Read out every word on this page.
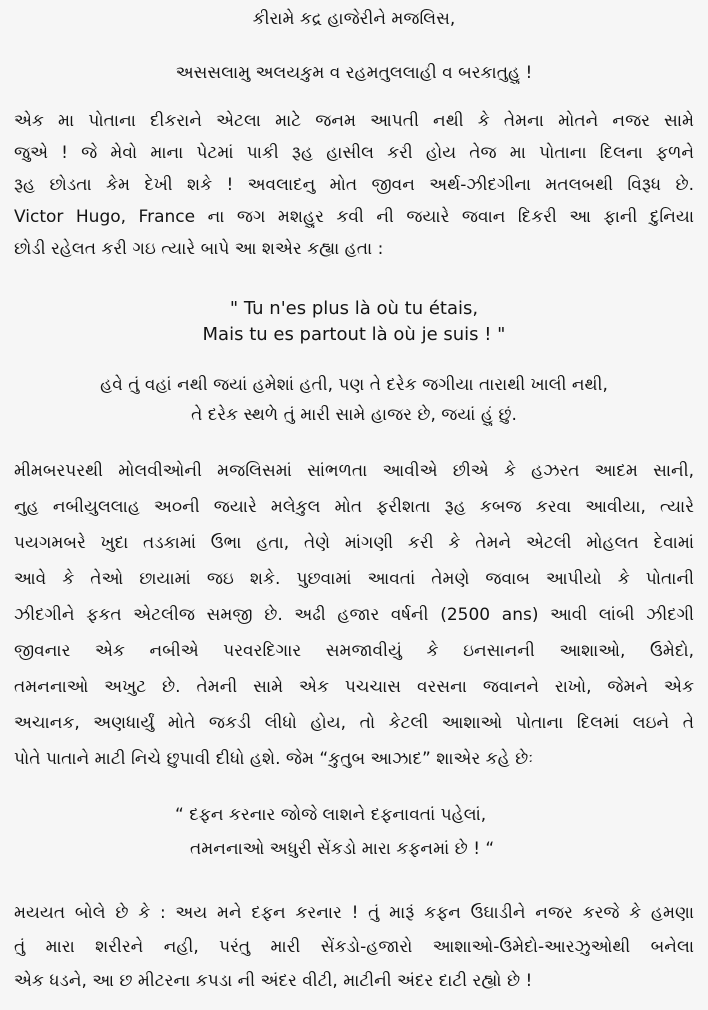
કીરામે કદ્ર હાજેરીને મજલિસ,
અસસલામુ અલયકુમ વ રહમતુલલાહી વ બરકાતુહુ !
એક મા પોતાના દીકરાને એટલા માટે જનમ આપતી નથી કે તેમના મોતને નજર સામે
જુએ ! જે મેવો માના પેટમાં પાકી રૂહ હાસીલ કરી હોય તેજ મા પોતાના દિલના ફળને
રૂહ છોડતા કેમ દેખી શકે ! અવલાદનુ મોત જીવન અર્થ-ઝીદગીના મતલબથી વિરૂધ છે.
Victor Hugo, France ના જગ મશહુર કવી ની જયારે જવાન દિકરી આ ફાની દુનિયા
છોડી રહેલત કરી ગઇ ત્યારે બાપે આ શએર કહ્યા હતા :
" Tu n'es plus là où tu étais,
Mais tu es partout là où je suis ! "
હવે તું વહાં નથી જયાં હમેશાં હતી, પણ તે દરેક જગીયા તારાથી ખાલી નથી,
તે દરેક સ્થળે તું મારી સામે હાજર છે, જયાં હું છું.
મીમબરપરથી મોલવીઓની મજલિસમાં સાંભળતા આવીએ છીએ કે હઝરત આદમ સાની,
નુહ નબીયુલલાહ અ૦ની જયારે મલેકુલ મોત ફરીશતા રૂહ કબજ કરવા આવીયા, ત્યારે
પયગમબરે ખુદા તડકામાં ઉભા હતા, તેણે માંગણી કરી કે તેમને એટલી મોહલત દેવામાં
આવે કે તેઓ છાયામાં જઇ શકે. પુછવામાં આવતાં તેમણે જવાબ આપીયો કે પોતાની
ઝીદગીને ફકત એટલીજ સમજી છે. અઢી હજાર વર્ષની (2500 ans) આવી લાંબી ઝીદગી
જીવનાર એક નબીએ પરવરદિગાર સમજાવીયું કે ઇનસાનની આશાઓ, ઉમેદો,
તમનનાઓ અખુટ છે. તેમની સામે એક પચચાસ વરસના જવાનને રાખો, જેમને એક
અચાનક, અણધાર્યું મોતે જકડી લીધો હોય, તો કેટલી આશાઓ પોતાના દિલમાં લઇને તે
પોતે પાતાને માટી નિચે છુપાવી દીધો હશે. જેમ “કુતુબ આઝાદ” શાએર કહે છેઃ
“ દફન કરનાર જોજે લાશને દફનાવતાં પહેલાં,
તમનનાઓ અધુરી સેંકડો મારા કફનમાં છે ! “
મયયત બોલે છે કે : અય મને દફન કરનાર ! તું મારૂં કફન ઉઘાડીને નજર કરજે કે હમણા
તું મારા શરીરને નહી, પરંતુ મારી સેંકડો-હજારો આશાઓ-ઉમેદો-આરઝુઓથી બનેલા
એક ધડને, આ છ મીટરના કપડા ની અંદર વીટી, માટીની અંદર દાટી રહ્યો છે !
